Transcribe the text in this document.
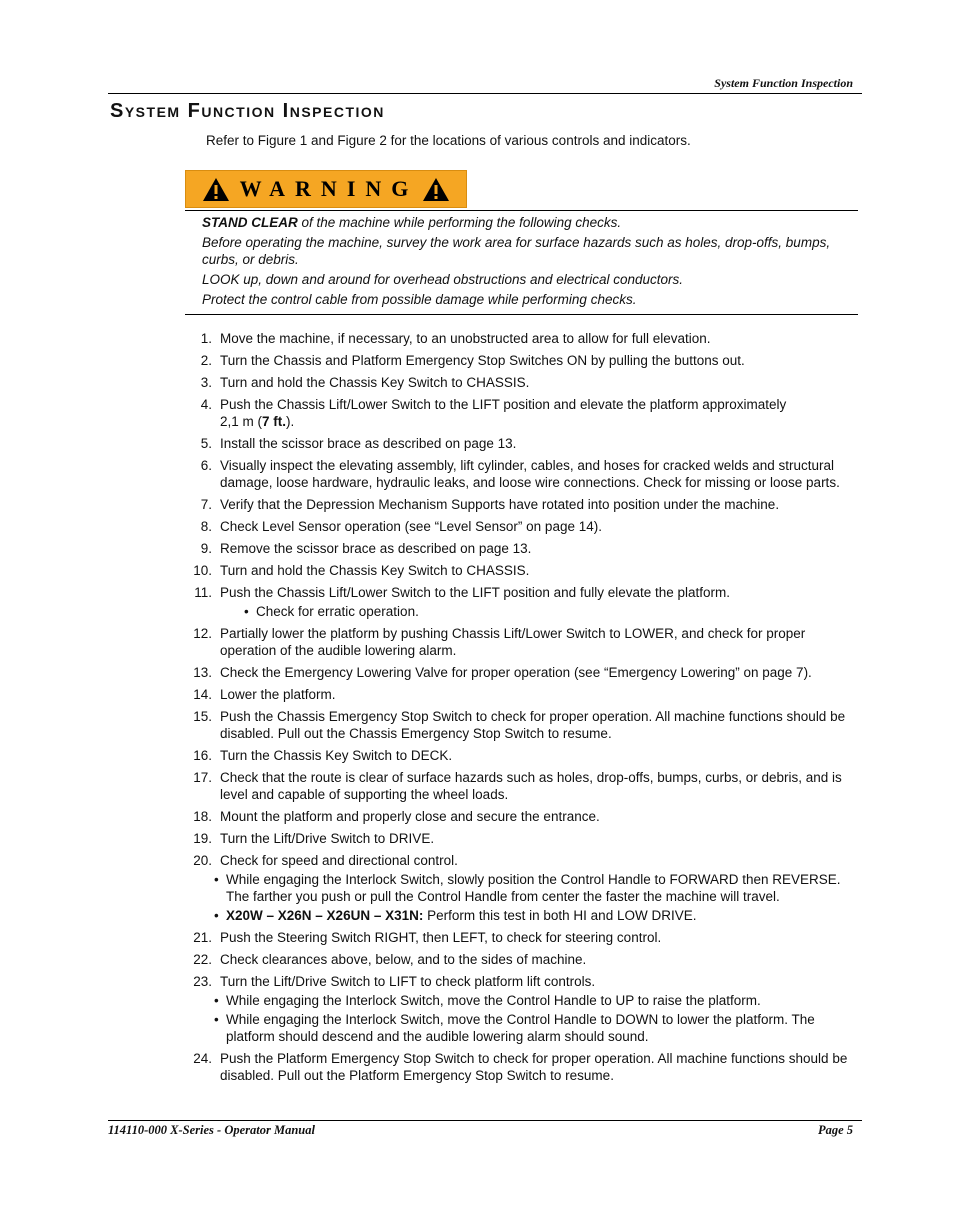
System Function Inspection
System Function Inspection

Refer to Figure 1 and Figure 2 for the locations of various controls and indicators.

WARNING

STAND CLEAR of the machine while performing the following checks.

Before operating the machine, survey the work area for surface hazards such as holes, drop-offs, bumps, curbs, or debris.

LOOK up, down and around for overhead obstructions and electrical conductors.

Protect the control cable from possible damage while performing checks.

1. Move the machine, if necessary, to an unobstructed area to allow for full elevation.
2. Turn the Chassis and Platform Emergency Stop Switches ON by pulling the buttons out.
3. Turn and hold the Chassis Key Switch to CHASSIS.
4. Push the Chassis Lift/Lower Switch to the LIFT position and elevate the platform approximately
2,1 m (7 ft.).
5. Install the scissor brace as described on page 13.
6. Visually inspect the elevating assembly, lift cylinder, cables, and hoses for cracked welds and structural damage, loose hardware, hydraulic leaks, and loose wire connections. Check for missing or loose parts.
7. Verify that the Depression Mechanism Supports have rotated into position under the machine.
8. Check Level Sensor operation (see “Level Sensor” on page 14).
9. Remove the scissor brace as described on page 13.
10. Turn and hold the Chassis Key Switch to CHASSIS.
11. Push the Chassis Lift/Lower Switch to the LIFT position and fully elevate the platform.
• Check for erratic operation.
12. Partially lower the platform by pushing Chassis Lift/Lower Switch to LOWER, and check for proper operation of the audible lowering alarm.
13. Check the Emergency Lowering Valve for proper operation (see “Emergency Lowering” on page 7).
14. Lower the platform.
15. Push the Chassis Emergency Stop Switch to check for proper operation. All machine functions should be disabled. Pull out the Chassis Emergency Stop Switch to resume.
16. Turn the Chassis Key Switch to DECK.
17. Check that the route is clear of surface hazards such as holes, drop-offs, bumps, curbs, or debris, and is level and capable of supporting the wheel loads.
18. Mount the platform and properly close and secure the entrance.
19. Turn the Lift/Drive Switch to DRIVE.
20. Check for speed and directional control.
• While engaging the Interlock Switch, slowly position the Control Handle to FORWARD then REVERSE. The farther you push or pull the Control Handle from center the faster the machine will travel.
• X20W – X26N – X26UN – X31N: Perform this test in both HI and LOW DRIVE.
21. Push the Steering Switch RIGHT, then LEFT, to check for steering control.
22. Check clearances above, below, and to the sides of machine.
23. Turn the Lift/Drive Switch to LIFT to check platform lift controls.
• While engaging the Interlock Switch, move the Control Handle to UP to raise the platform.
• While engaging the Interlock Switch, move the Control Handle to DOWN to lower the platform. The platform should descend and the audible lowering alarm should sound.
24. Push the Platform Emergency Stop Switch to check for proper operation. All machine functions should be disabled. Pull out the Platform Emergency Stop Switch to resume.
114110-000 X-Series - Operator Manual	Page 5
